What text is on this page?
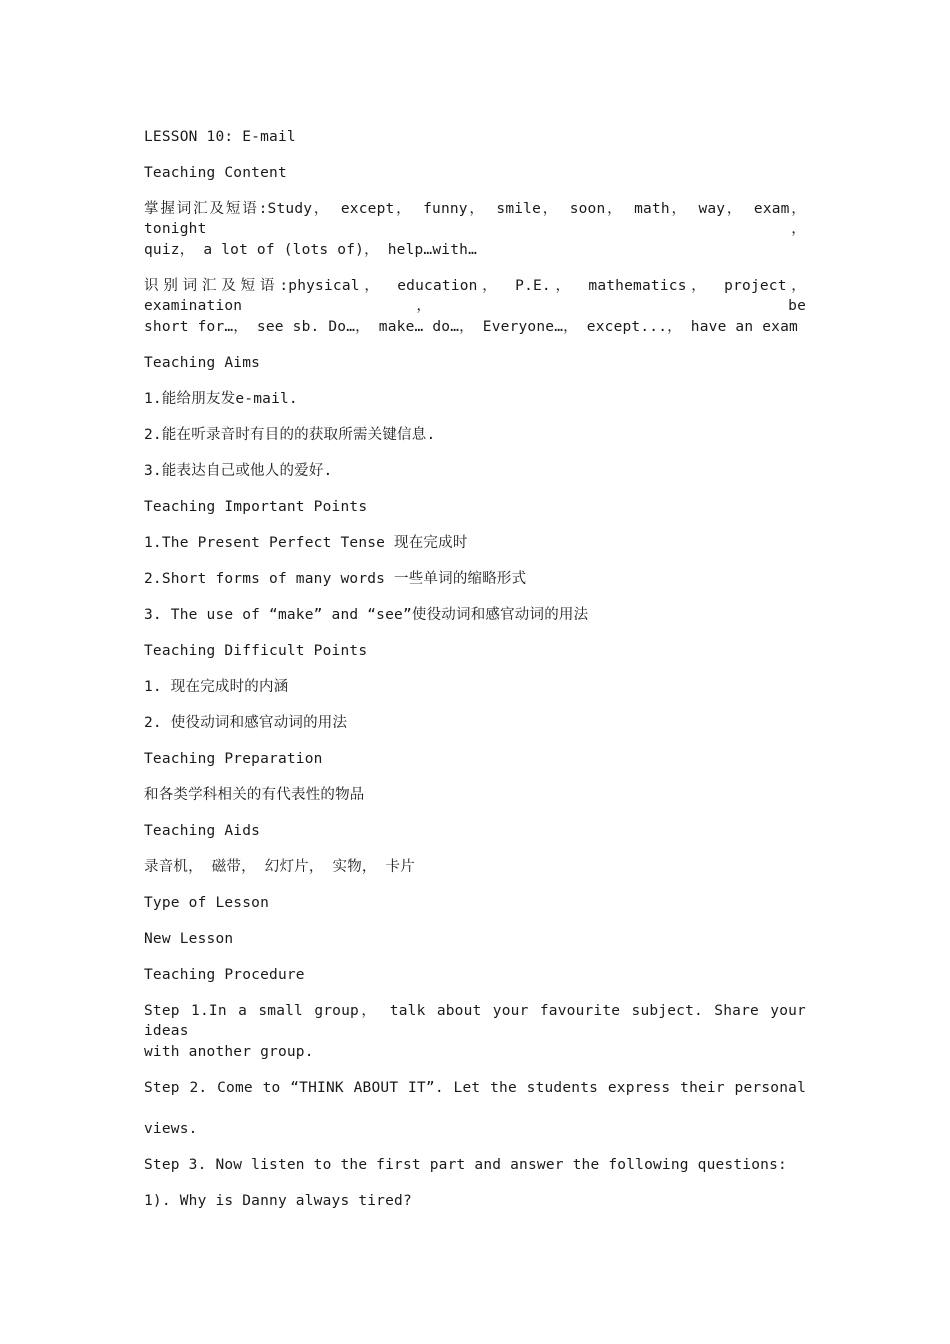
LESSON 10: E-mail
Teaching Content
掌握词汇及短语:Study， except， funny， smile， soon， math， way， exam， tonight，
quiz， a lot of (lots of)， help…with…
识别词汇及短语:physical， education， P.E.， mathematics， project， examination， be
short for…， see sb. Do…， make… do…， Everyone…， except...， have an exam
Teaching Aims
1.能给朋友发e-mail.
2.能在听录音时有目的的获取所需关键信息.
3.能表达自己或他人的爱好.
Teaching Important Points
1.The Present Perfect Tense 现在完成时
2.Short forms of many words 一些单词的缩略形式
3. The use of “make” and “see”使役动词和感官动词的用法
Teaching Difficult Points
1. 现在完成时的内涵
2. 使役动词和感官动词的用法
Teaching Preparation
和各类学科相关的有代表性的物品
Teaching Aids
录音机， 磁带， 幻灯片， 实物， 卡片
Type of Lesson
New Lesson
Teaching Procedure
Step 1.In a small group， talk about your favourite subject. Share your ideas
with another group.
Step 2. Come to “THINK ABOUT IT”. Let the students express their personal
views.
Step 3. Now listen to the first part and answer the following questions:
1). Why is Danny always tired?
